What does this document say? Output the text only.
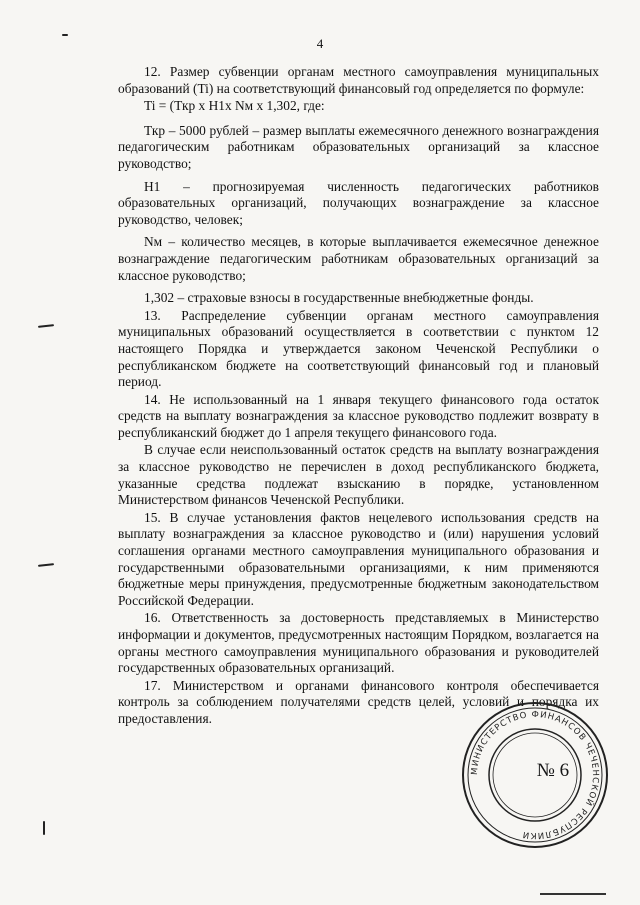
4

12. Размер субвенции органам местного самоуправления муниципальных образований (Ti) на соответствующий финансовый год определяется по формуле:

Ti = (Ткр х Н1х Nм х 1,302, где:

Ткр – 5000 рублей – размер выплаты ежемесячного денежного вознаграждения педагогическим работникам образовательных организаций за классное руководство;

Н1 – прогнозируемая численность педагогических работников образовательных организаций, получающих вознаграждение за классное руководство, человек;

Nм – количество месяцев, в которые выплачивается ежемесячное денежное вознаграждение педагогическим работникам образовательных организаций за классное руководство;

1,302 – страховые взносы в государственные внебюджетные фонды.

13. Распределение субвенции органам местного самоуправления муниципальных образований осуществляется в соответствии с пунктом 12 настоящего Порядка и утверждается законом Чеченской Республики о республиканском бюджете на соответствующий финансовый год и плановый период.

14. Не использованный на 1 января текущего финансового года остаток средств на выплату вознаграждения за классное руководство подлежит возврату в республиканский бюджет до 1 апреля текущего финансового года.

В случае если неиспользованный остаток средств на выплату вознаграждения за классное руководство не перечислен в доход республиканского бюджета, указанные средства подлежат взысканию в порядке, установленном Министерством финансов Чеченской Республики.

15. В случае установления фактов нецелевого использования средств на выплату вознаграждения за классное руководство и (или) нарушения условий соглашения органами местного самоуправления муниципального образования и государственными образовательными организациями, к ним применяются бюджетные меры принуждения, предусмотренные бюджетным законодательством Российской Федерации.

16. Ответственность за достоверность представляемых в Министерство информации и документов, предусмотренных настоящим Порядком, возлагается на органы местного самоуправления муниципального образования и руководителей государственных образовательных организаций.

17. Министерством и органами финансового контроля обеспечивается контроль за соблюдением получателями средств целей, условий и порядка их предоставления.

МИНИСТЕРСТВО ФИНАНСОВ ЧЕЧЕНСКОЙ РЕСПУБЛИКИ
№ 6
